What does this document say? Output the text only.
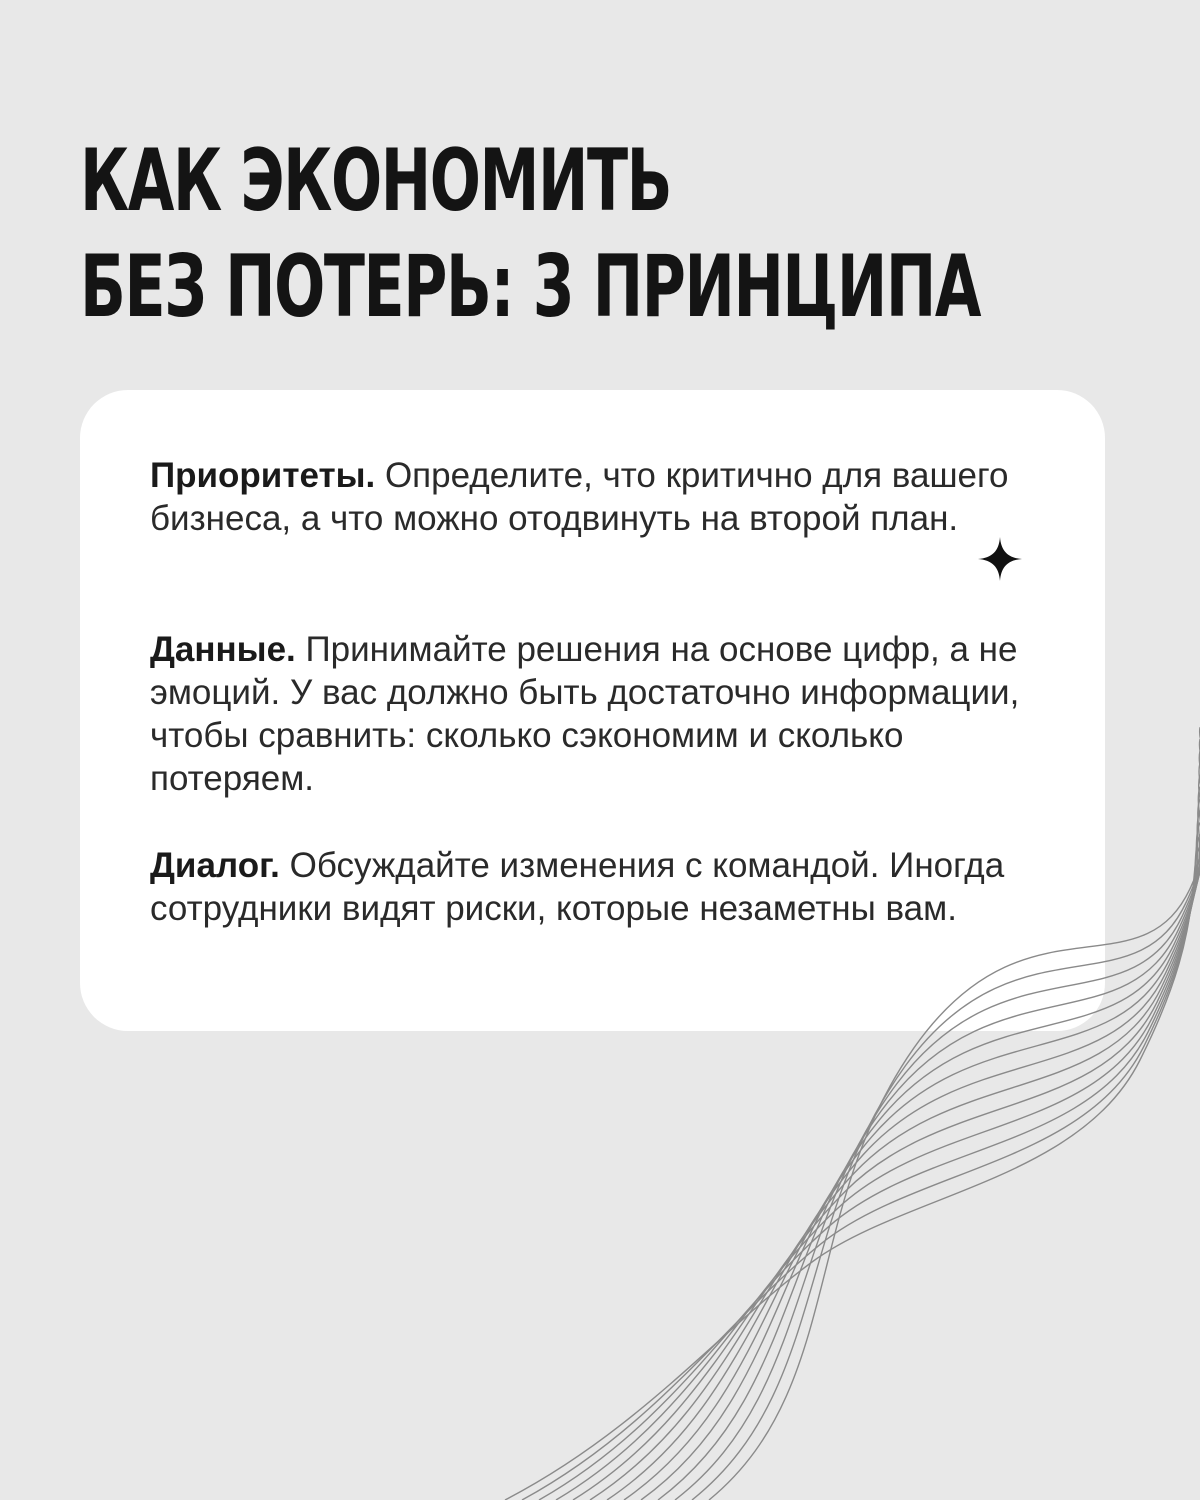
КАК ЭКОНОМИТЬ
БЕЗ ПОТЕРЬ: 3 ПРИНЦИПА

Приоритеты. Определите, что критично для вашего бизнеса, а что можно отодвинуть на второй план.

Данные. Принимайте решения на основе цифр, а не эмоций. У вас должно быть достаточно информации, чтобы сравнить: сколько сэкономим и сколько потеряем.

Диалог. Обсуждайте изменения с командой. Иногда сотрудники видят риски, которые незаметны вам.
